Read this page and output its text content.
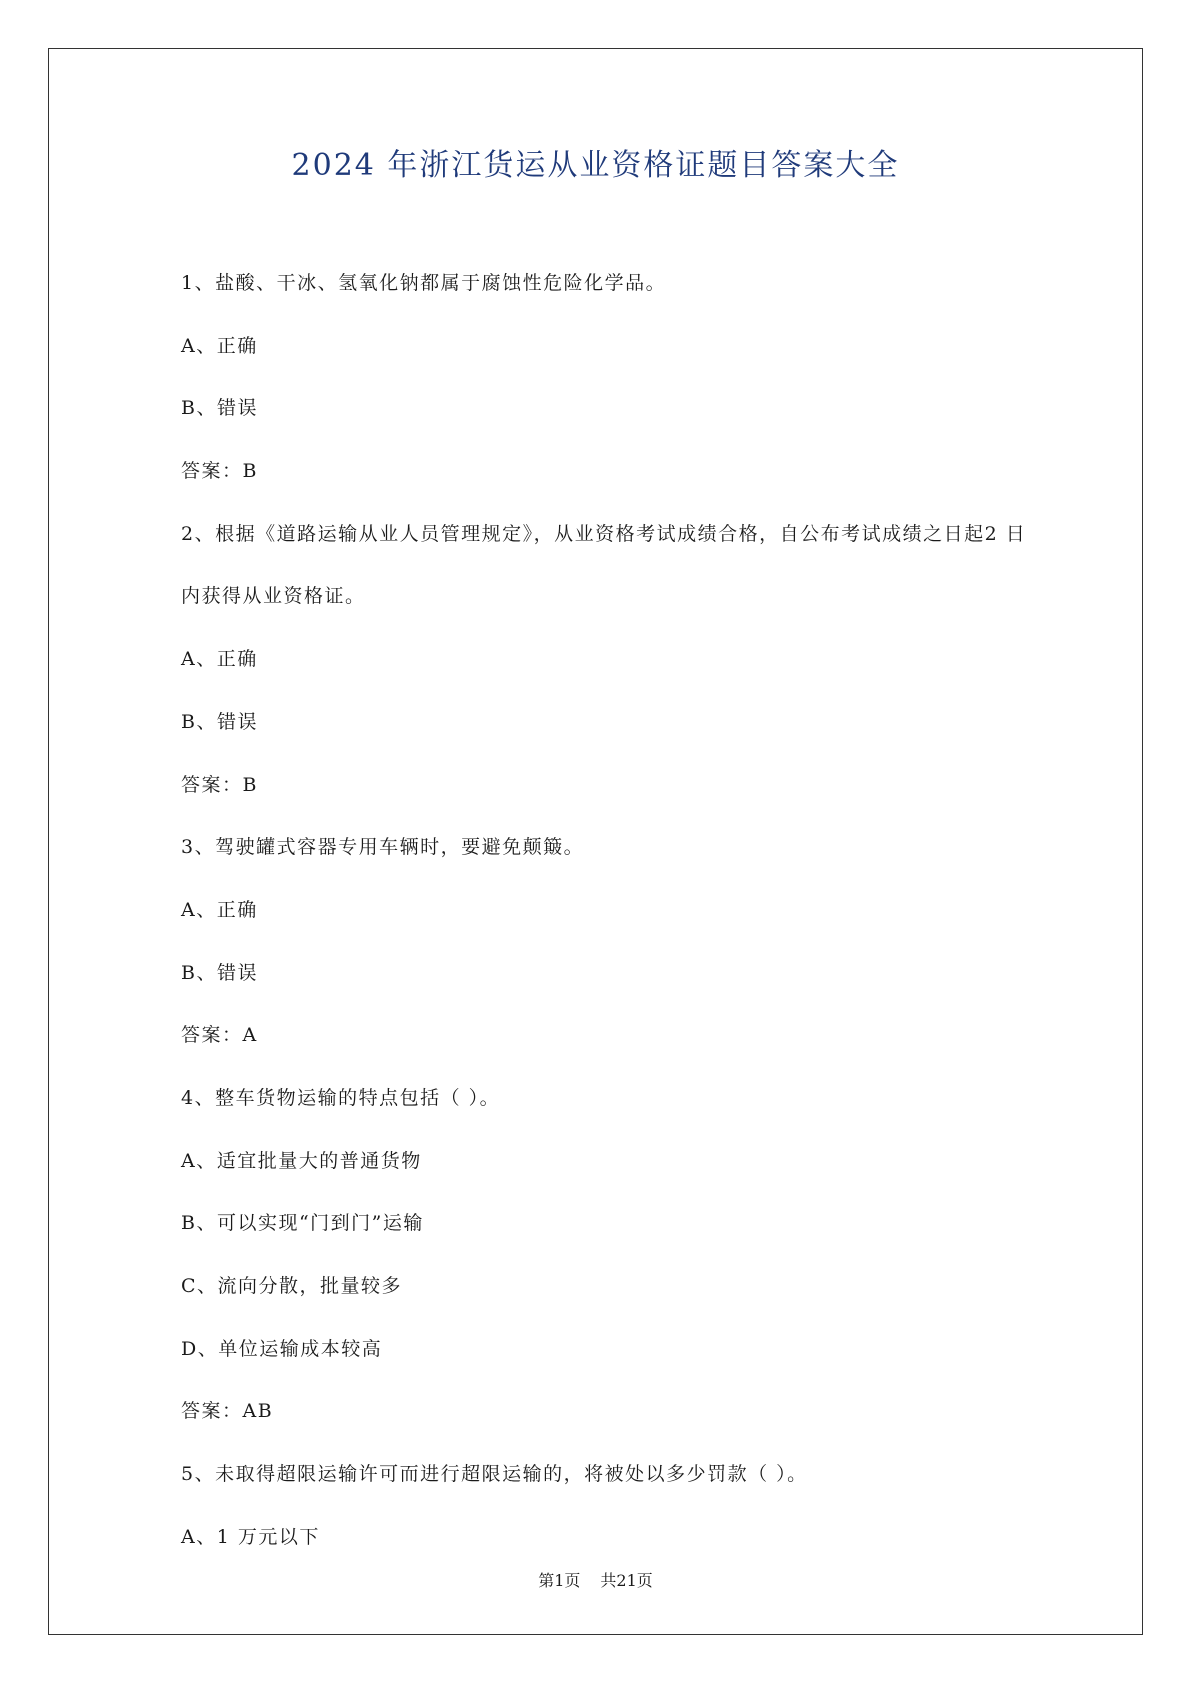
2024 年浙江货运从业资格证题目答案大全
1、盐酸、干冰、氢氧化钠都属于腐蚀性危险化学品。
A、正确
B、错误
答案：B
2、根据《道路运输从业人员管理规定》，从业资格考试成绩合格，自公布考试成绩之日起2 日
内获得从业资格证。
A、正确
B、错误
答案：B
3、驾驶罐式容器专用车辆时，要避免颠簸。
A、正确
B、错误
答案：A
4、整车货物运输的特点包括（ ）。
A、适宜批量大的普通货物
B、可以实现“门到门”运输
C、流向分散，批量较多
D、单位运输成本较高
答案：AB
5、未取得超限运输许可而进行超限运输的，将被处以多少罚款（ ）。
A、1 万元以下
第1页 共21页
